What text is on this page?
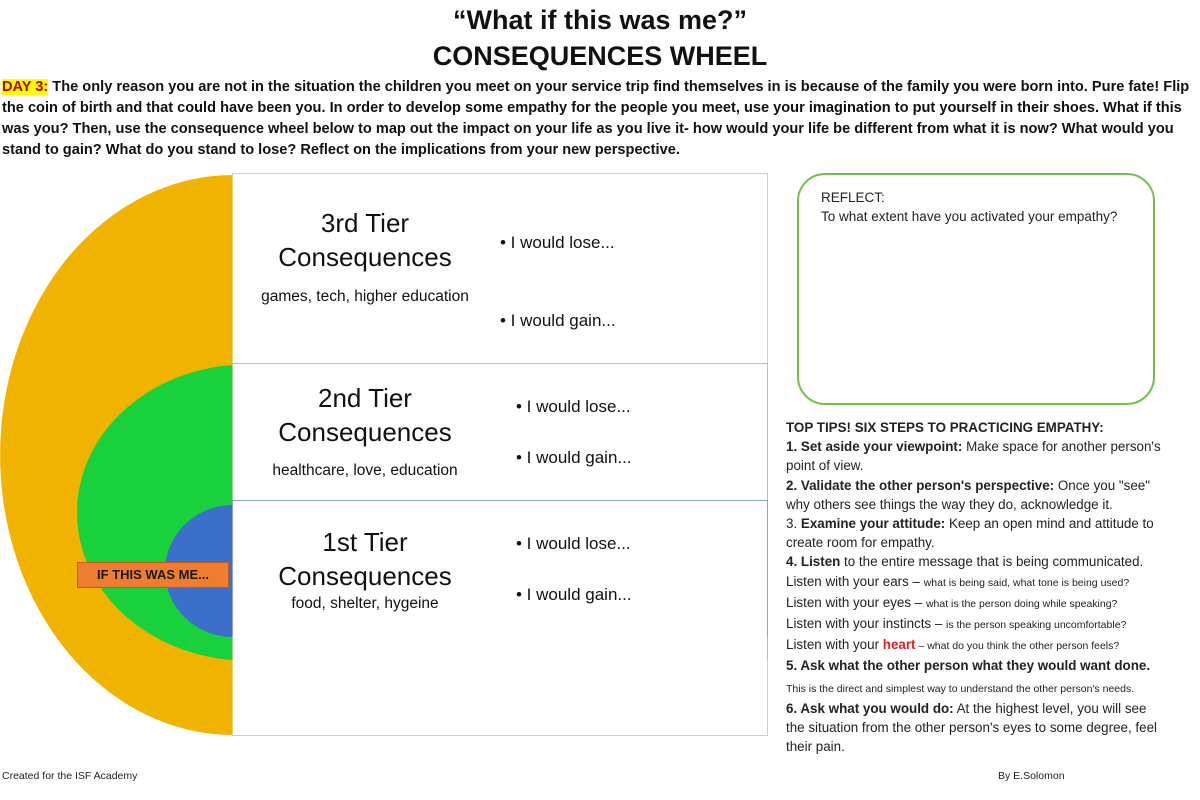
“What if this was me?”
CONSEQUENCES WHEEL
DAY 3: The only reason you are not in the situation the children you meet on your service trip find themselves in is because of the family you were born into. Pure fate! Flip the coin of birth and that could have been you. In order to develop some empathy for the people you meet, use your imagination to put yourself in their shoes. What if this was you? Then, use the consequence wheel below to map out the impact on your life as you live it- how would your life be different from what it is now? What would you stand to gain? What do you stand to lose? Reflect on the implications from your new perspective.
3rd Tier
Consequences
games, tech, higher education
• I would lose...
• I would gain...
2nd Tier
Consequences
healthcare, love, education
• I would lose...
• I would gain...
1st Tier
Consequences
food, shelter, hygeine
• I would lose...
• I would gain...
IF THIS WAS ME...
REFLECT:
To what extent have you activated your empathy?

TOP TIPS! SIX STEPS TO PRACTICING EMPATHY:

1. Set aside your viewpoint: Make space for another person's point of view.

2. Validate the other person's perspective: Once you "see" why others see things the way they do, acknowledge it.

3. Examine your attitude: Keep an open mind and attitude to create room for empathy.

4. Listen to the entire message that is being communicated.

Listen with your ears – what is being said, what tone is being used?

Listen with your eyes – what is the person doing while speaking?

Listen with your instincts – is the person speaking uncomfortable?

Listen with your heart – what do you think the other person feels?

5. Ask what the other person what they would want done. This is the direct and simplest way to understand the other person's needs.

6. Ask what you would do: At the highest level, you will see the situation from the other person's eyes to some degree, feel their pain.

Created for the ISF Academy	By E.Solomon
